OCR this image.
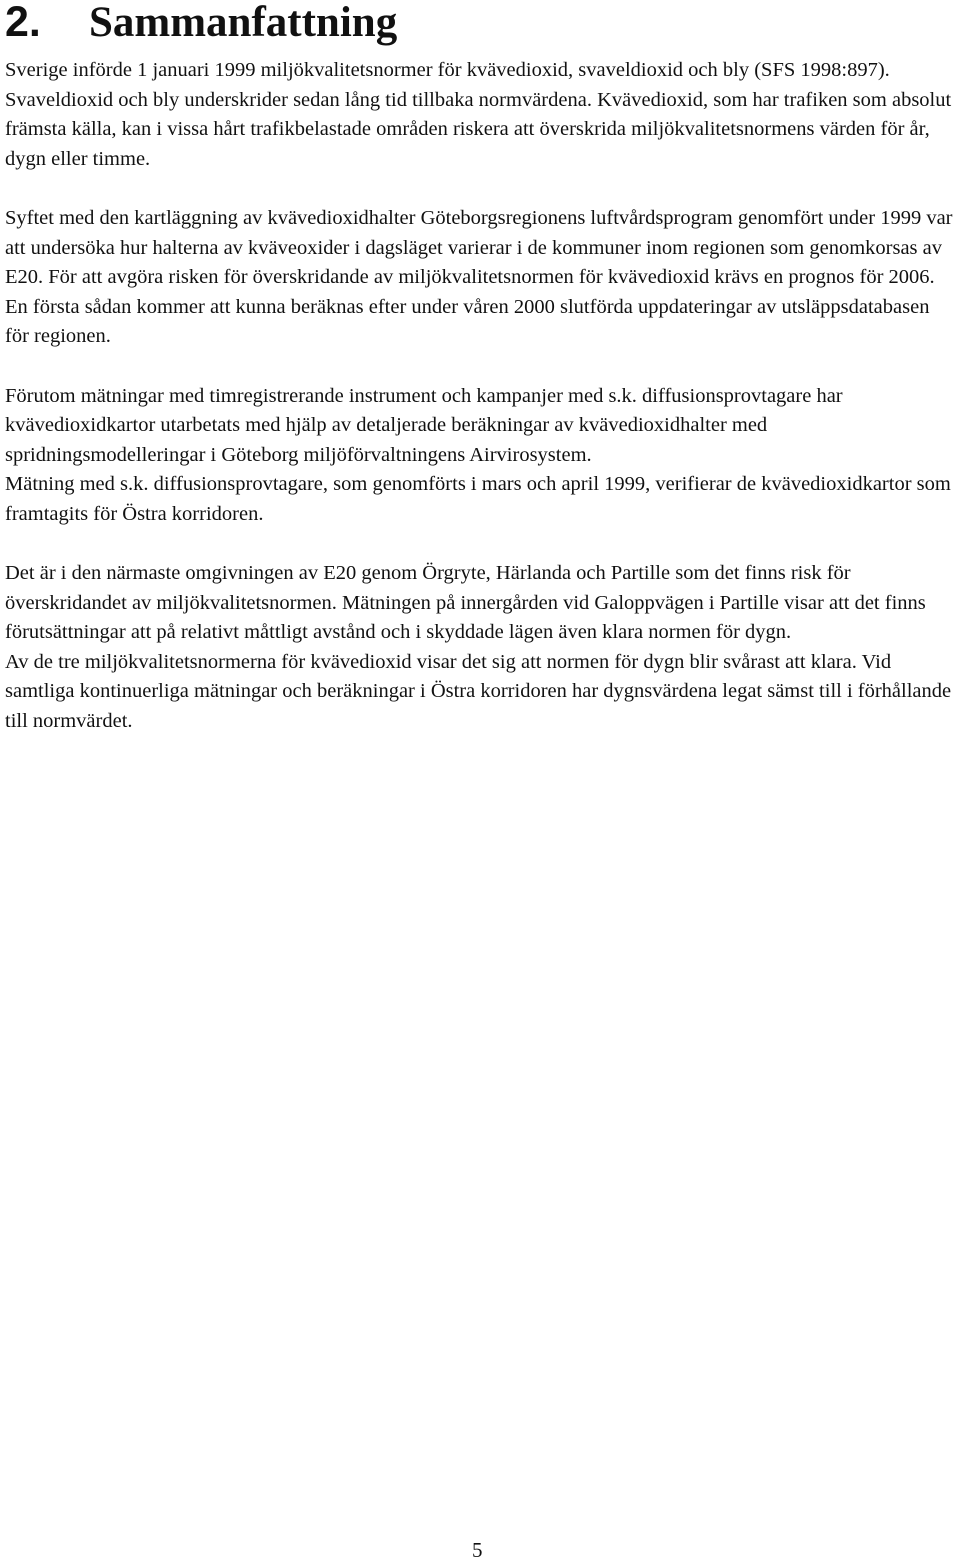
2. Sammanfattning

Sverige införde 1 januari 1999 miljökvalitetsnormer för kvävedioxid, svaveldioxid och bly (SFS 1998:897). Svaveldioxid och bly underskrider sedan lång tid tillbaka normvärdena. Kvävedioxid, som har trafiken som absolut främsta källa, kan i vissa hårt trafikbelastade områden riskera att överskrida miljökvalitetsnormens värden för år, dygn eller timme.

Syftet med den kartläggning av kvävedioxidhalter Göteborgsregionens luftvårdsprogram genomfört under 1999 var att undersöka hur halterna av kväveoxider i dagsläget varierar i de kommuner inom regionen som genomkorsas av E20. För att avgöra risken för överskridande av miljökvalitetsnormen för kvävedioxid krävs en prognos för 2006. En första sådan kommer att kunna beräknas efter under våren 2000 slutförda uppdateringar av utsläppsdatabasen för regionen.

Förutom mätningar med timregistrerande instrument och kampanjer med s.k. diffusionsprovtagare har kvävedioxidkartor utarbetats med hjälp av detaljerade beräkningar av kvävedioxidhalter med spridningsmodelleringar i Göteborg miljöförvaltningens Airvirosystem.

Mätning med s.k. diffusionsprovtagare, som genomförts i mars och april 1999, verifierar de kvävedioxidkartor som framtagits för Östra korridoren.

Det är i den närmaste omgivningen av E20 genom Örgryte, Härlanda och Partille som det finns risk för överskridandet av miljökvalitetsnormen. Mätningen på innergården vid Galoppvägen i Partille visar att det finns förutsättningar att på relativt måttligt avstånd och i skyddade lägen även klara normen för dygn.

Av de tre miljökvalitetsnormerna för kvävedioxid visar det sig att normen för dygn blir svårast att klara. Vid samtliga kontinuerliga mätningar och beräkningar i Östra korridoren har dygnsvärdena legat sämst till i förhållande till normvärdet.

5
